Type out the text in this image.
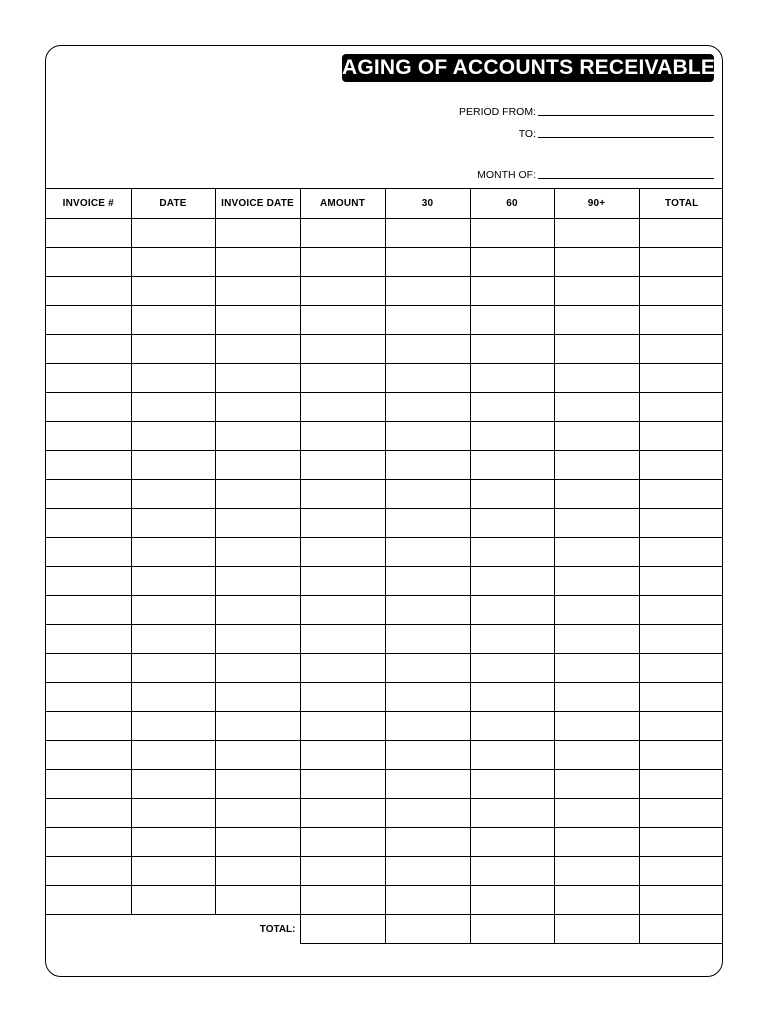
AGING OF ACCOUNTS RECEIVABLE
PERIOD FROM:
TO:
MONTH OF:
INVOICE #	DATE	INVOICE DATE	AMOUNT	30	60	90+	TOTAL

TOTAL:							
